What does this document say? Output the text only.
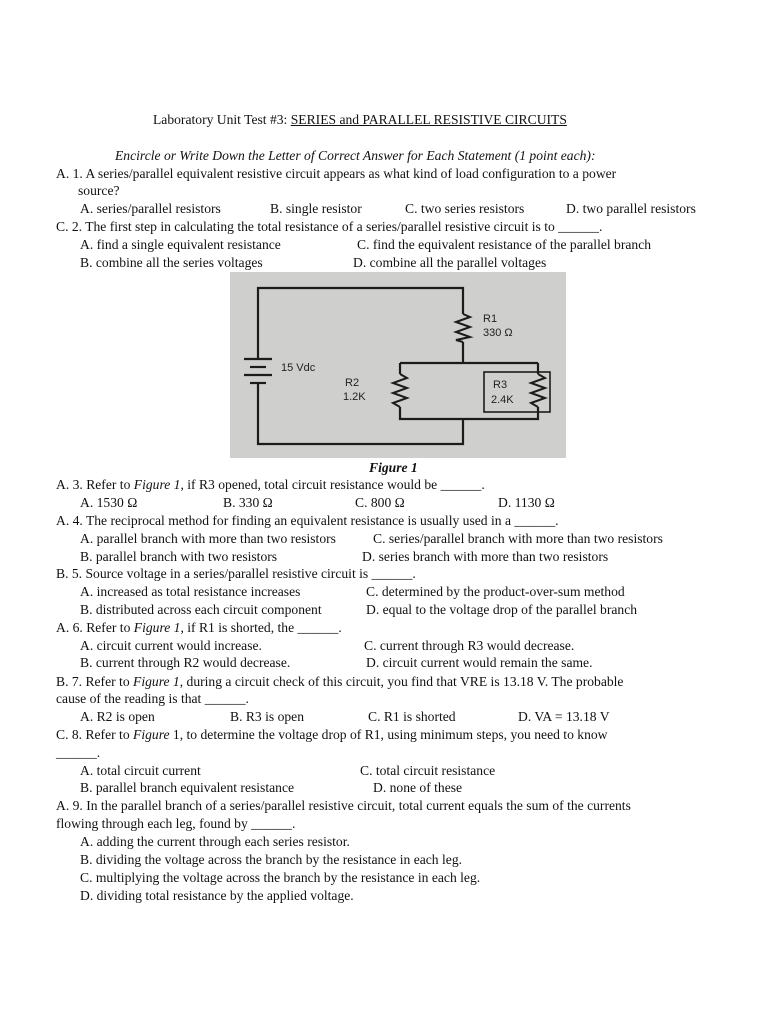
Laboratory Unit Test #3: SERIES and PARALLEL RESISTIVE CIRCUITS
Encircle or Write Down the Letter of Correct Answer for Each Statement (1 point each):
A. 1. A series/parallel equivalent resistive circuit appears as what kind of load configuration to a power
source?
A. series/parallel resistors	B. single resistor	C. two series resistors	D. two parallel resistors
C. 2. The first step in calculating the total resistance of a series/parallel resistive circuit is to ______.
A. find a single equivalent resistance	C. find the equivalent resistance of the parallel branch
B. combine all the series voltages	D. combine all the parallel voltages
R1
330 Ω
15 Vdc
R2
1.2K
R3
2.4K
Figure 1
A. 3. Refer to Figure 1, if R3 opened, total circuit resistance would be ______.
A. 1530 Ω	B. 330 Ω	C. 800 Ω	D. 1130 Ω
A. 4. The reciprocal method for finding an equivalent resistance is usually used in a ______.
A. parallel branch with more than two resistors	C. series/parallel branch with more than two resistors
B. parallel branch with two resistors	D. series branch with more than two resistors
B. 5. Source voltage in a series/parallel resistive circuit is ______.
A. increased as total resistance increases	C. determined by the product-over-sum method
B. distributed across each circuit component	D. equal to the voltage drop of the parallel branch
A. 6. Refer to Figure 1, if R1 is shorted, the ______.
A. circuit current would increase.	C. current through R3 would decrease.
B. current through R2 would decrease.	D. circuit current would remain the same.
B. 7. Refer to Figure 1, during a circuit check of this circuit, you find that VRE is 13.18 V. The probable
cause of the reading is that ______.
A. R2 is open	B. R3 is open	C. R1 is shorted	D. VA = 13.18 V
C. 8. Refer to Figure 1, to determine the voltage drop of R1, using minimum steps, you need to know
______.
A. total circuit current	C. total circuit resistance
B. parallel branch equivalent resistance	D. none of these
A. 9. In the parallel branch of a series/parallel resistive circuit, total current equals the sum of the currents
flowing through each leg, found by ______.
A. adding the current through each series resistor.
B. dividing the voltage across the branch by the resistance in each leg.
C. multiplying the voltage across the branch by the resistance in each leg.
D. dividing total resistance by the applied voltage.
